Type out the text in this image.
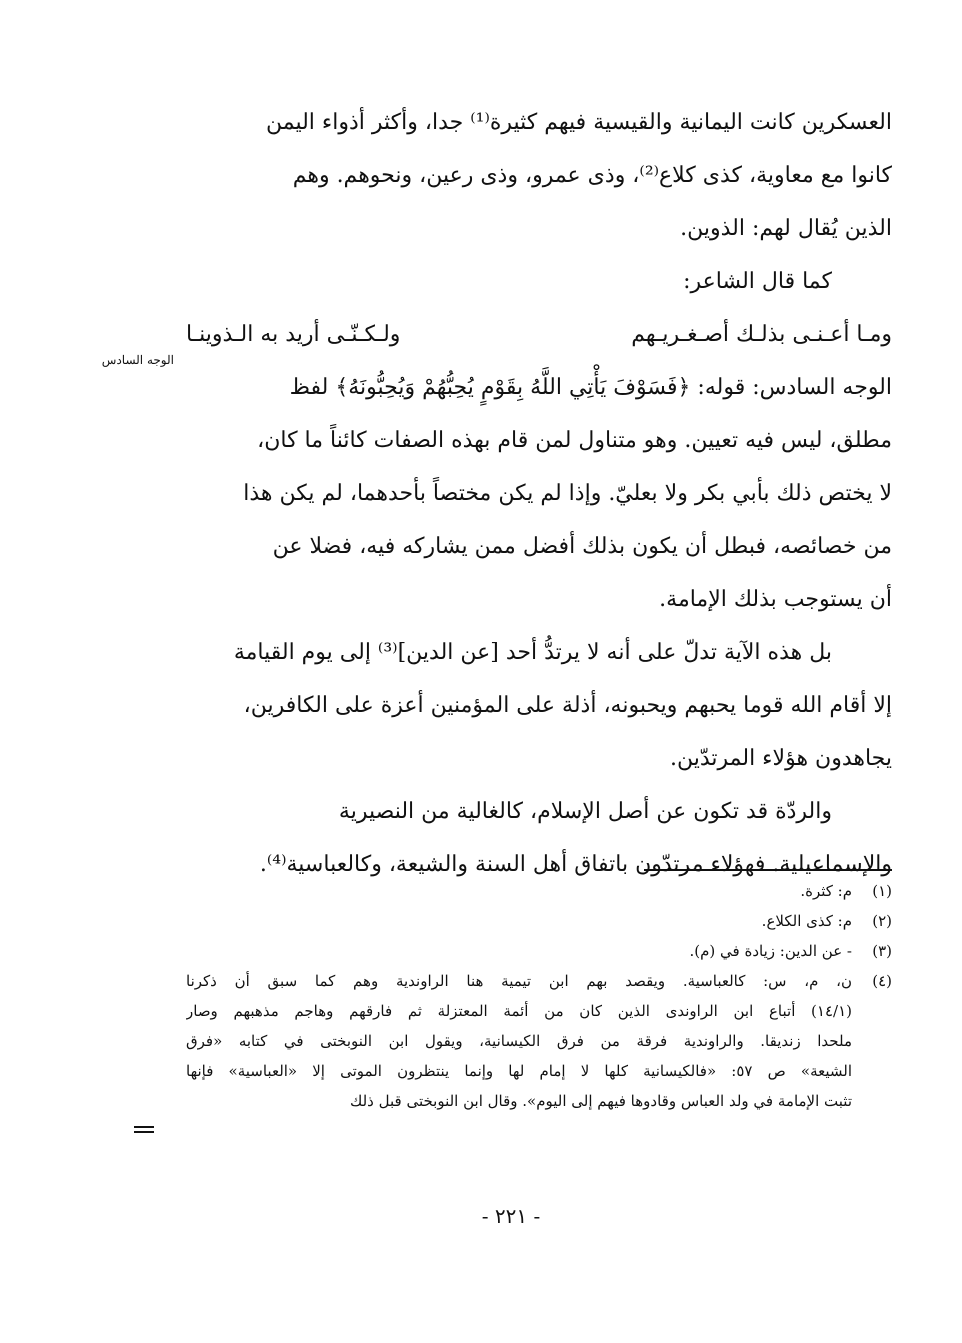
العسكرين كانت اليمانية والقيسية فيهم كثيرة⁽¹⁾ جدا، وأكثر أذواء اليمن
كانوا مع معاوية، كذى كلاع⁽²⁾، وذى عمرو، وذى رعين، ونحوهم. وهم
الذين يُقال لهم: الذوين.
كما قال الشاعر:
ومـا أعـنـى بذلـك أصـغـريـهم
ولـكـنّـى أريد به الـذوينـا
الوجه السادس: قوله: ﴿فَسَوْفَ يَأْتِي اللَّهُ بِقَوْمٍ يُحِبُّهُمْ وَيُحِبُّونَهُ﴾ لفظ
مطلق، ليس فيه تعيين. وهو متناول لمن قام بهذه الصفات كائناً ما كان،
لا يختص ذلك بأبي بكر ولا بعليّ. وإذا لم يكن مختصاً بأحدهما، لم يكن هذا
من خصائصه، فبطل أن يكون بذلك أفضل ممن يشاركه فيه، فضلا عن
أن يستوجب بذلك الإمامة.
بل هذه الآية تدلّ على أنه لا يرتدُّ أحد [عن الدين]⁽³⁾ إلى يوم القيامة
إلا أقام الله قوما يحبهم ويحبونه، أذلة على المؤمنين أعزة على الكافرين،
يجاهدون هؤلاء المرتدّين.
والردّة قد تكون عن أصل الإسلام، كالغالية من النصيرية
والإسماعيلية. فهؤلاء مرتدّون باتفاق أهل السنة والشيعة، وكالعباسية⁽⁴⁾.
الوجه السادس
(١)
م: كثرة.
(٢)
م: كذى الكلاع.
(٣)
- عن الدين: زيادة في (م).
(٤)
ن، م، س: كالعباسية. ويقصد بهم ابن تيمية هنا الراوندية وهم كما سبق أن ذكرنا
(١٤/١) أتباع ابن الراوندى الذين كان من أئمة المعتزلة ثم فارقهم وهاجم مذهبهم وصار
ملحدا زنديقا. والراوندية فرقة من فرق الكيسانية، ويقول ابن النوبختى في كتابه «فرق
الشيعة» ص ٥٧: «فالكيسانية كلها لا إمام لها وإنما ينتظرون الموتى إلا «العباسية» فإنها
تثبت الإمامة في ولد العباس وقادوها فيهم إلى اليوم». وقال ابن النوبختى قبل ذلك
- ٢٢١ -
